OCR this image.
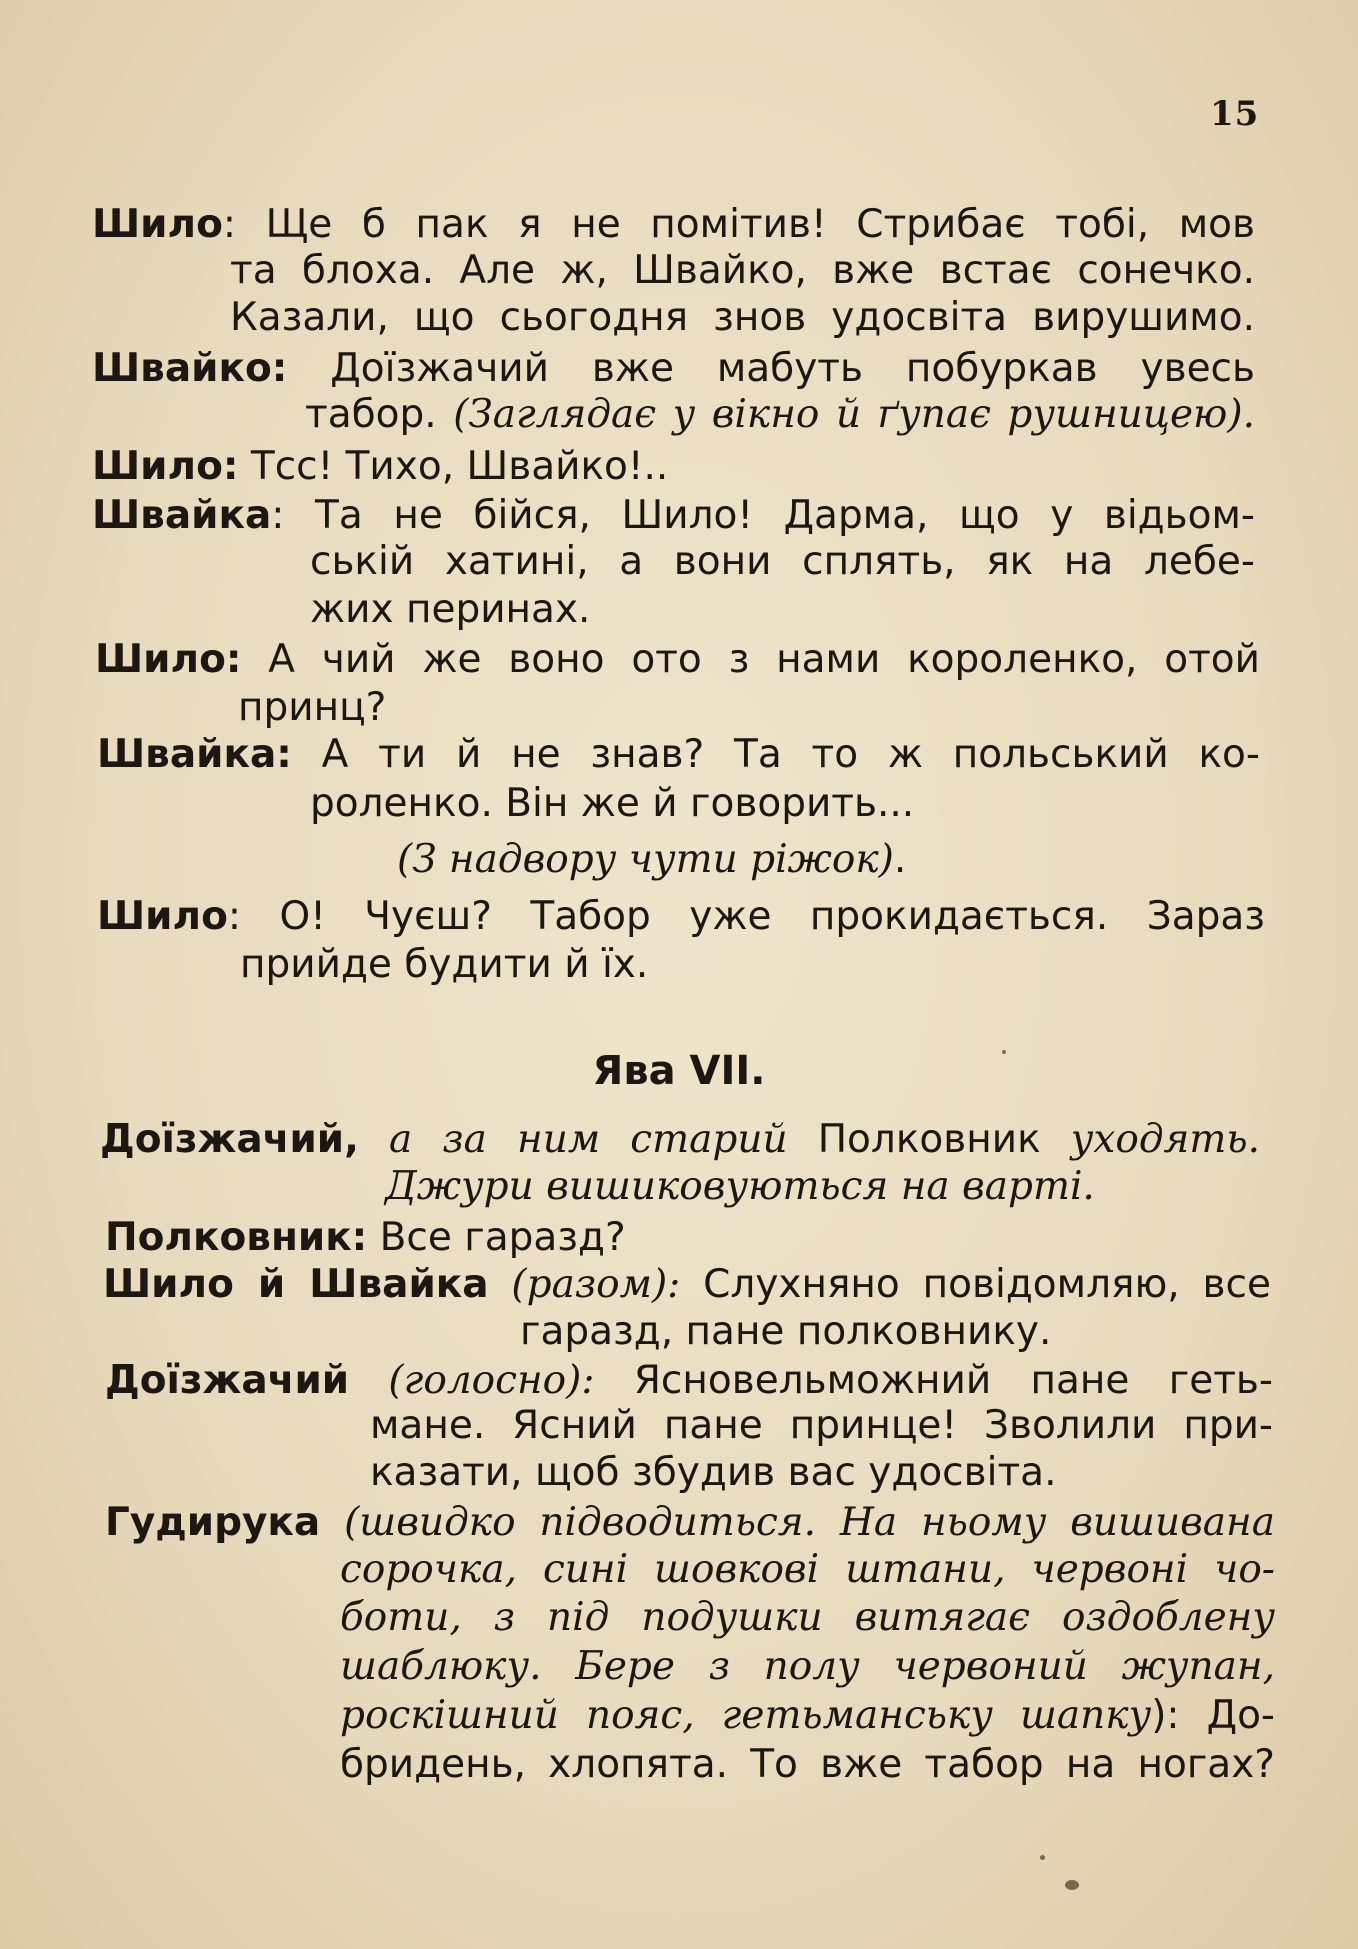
15
Шило: Ще б пак я не помітив! Стрибає тобі, мов
та блоха. Але ж, Швайко, вже встає сонечко.
Казали, що сьогодня знов удосвіта вирушимо.
Швайко: Доїзжачий вже мабуть побуркав увесь
табор. (Заглядає у вікно й ґупає рушницею).
Шило: Тсс! Тихо, Швайко!..
Швайка: Та не бійся, Шило! Дарма, що у відьом-
ській хатині, а вони сплять, як на лебе-
жих перинах.
Шило: А чий же воно ото з нами короленко, отой
принц?
Швайка: А ти й не знав? Та то ж польський ко-
роленко. Він же й говорить...
(З надвору чути ріжок).
Шило: О! Чуєш? Табор уже прокидається. Зараз
прийде будити й їх.
Ява VII.
Доїзжачий, а за ним старий Полковник уходять.
Джури вишиковуються на варті.
Полковник: Все гаразд?
Шило й Швайка (разом): Слухняно повідомляю, все
гаразд, пане полковнику.
Доїзжачий (голосно): Ясновельможний пане геть-
мане. Ясний пане принце! Зволили при-
казати, щоб збудив вас удосвіта.
Гудирука (швидко підводиться. На ньому вишивана
сорочка, сині шовкові штани, червоні чо-
боти, з під подушки витягає оздоблену
шаблюку. Бере з полу червоний жупан,
роскішний пояс, гетьманську шапку): До-
бридень, хлопята. То вже табор на ногах?
